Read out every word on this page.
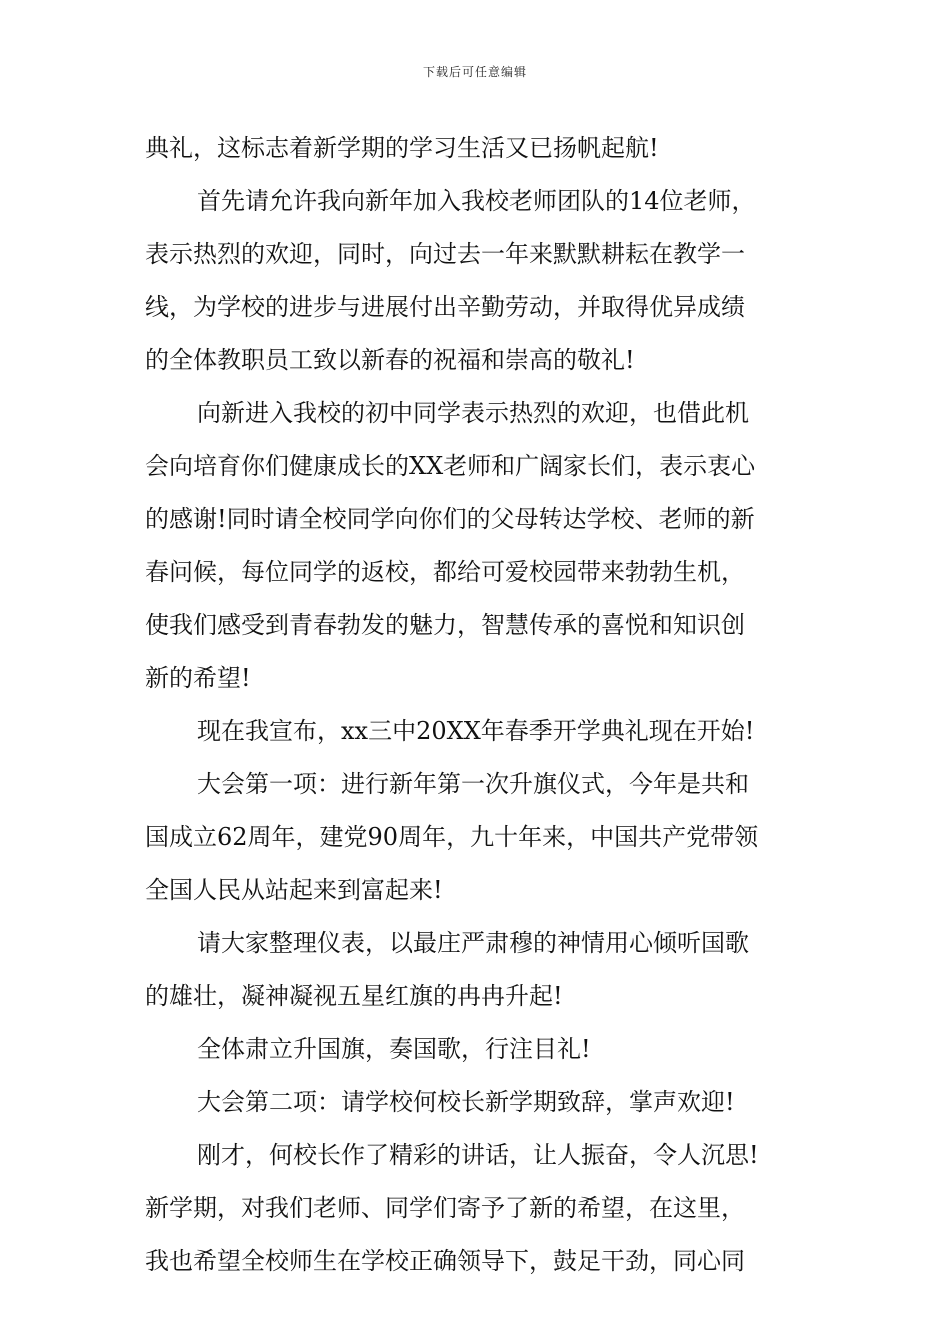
下载后可任意编辑
典礼，这标志着新学期的学习生活又已扬帆起航!
首先请允许我向新年加入我校老师团队的14位老师，
表示热烈的欢迎，同时，向过去一年来默默耕耘在教学一
线，为学校的进步与进展付出辛勤劳动，并取得优异成绩
的全体教职员工致以新春的祝福和崇高的敬礼!
向新进入我校的初中同学表示热烈的欢迎，也借此机
会向培育你们健康成长的XX老师和广阔家长们，表示衷心
的感谢!同时请全校同学向你们的父母转达学校、老师的新
春问候，每位同学的返校，都给可爱校园带来勃勃生机，
使我们感受到青春勃发的魅力，智慧传承的喜悦和知识创
新的希望!
现在我宣布，xx三中20XX年春季开学典礼现在开始!
大会第一项：进行新年第一次升旗仪式，今年是共和
国成立62周年，建党90周年，九十年来，中国共产党带领
全国人民从站起来到富起来!
请大家整理仪表，以最庄严肃穆的神情用心倾听国歌
的雄壮，凝神凝视五星红旗的冉冉升起!
全体肃立升国旗，奏国歌，行注目礼!
大会第二项：请学校何校长新学期致辞，掌声欢迎!
刚才，何校长作了精彩的讲话，让人振奋，令人沉思!
新学期，对我们老师、同学们寄予了新的希望，在这里，
我也希望全校师生在学校正确领导下，鼓足干劲，同心同
